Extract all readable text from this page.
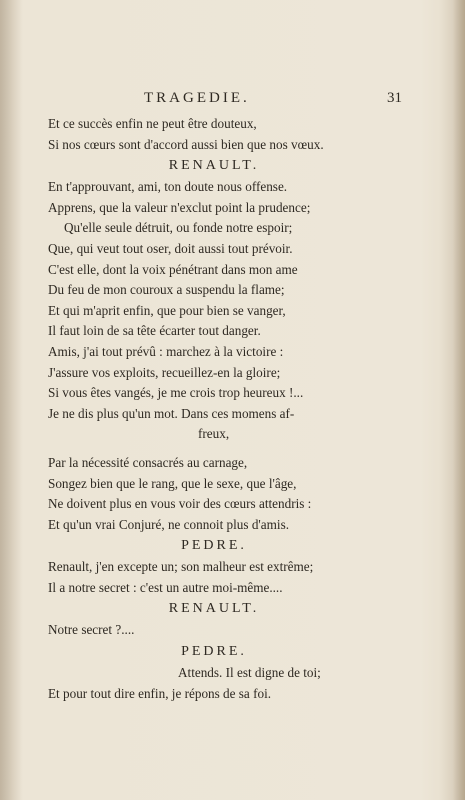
TRAGEDIE.	31
Et ce succès enfin ne peut être douteux,
Si nos cœurs sont d'accord aussi bien que nos vœux.
RENAULT.
En t'approuvant, ami, ton doute nous offense.
Apprens, que la valeur n'exclut point la prudence;
Qu'elle seule détruit, ou fonde notre espoir;
Que, qui veut tout oser, doit aussi tout prévoir.
C'est elle, dont la voix pénétrant dans mon ame
Du feu de mon couroux a suspendu la flame;
Et qui m'aprit enfin, que pour bien se vanger,
Il faut loin de sa tête écarter tout danger.
Amis, j'ai tout prévû : marchez à la victoire :
J'assure vos exploits, recueillez-en la gloire;
Si vous êtes vangés, je me crois trop heureux !...
Je ne dis plus qu'un mot. Dans ces momens af-
freux,
Par la nécessité consacrés au carnage,
Songez bien que le rang, que le sexe, que l'âge,
Ne doivent plus en vous voir des cœurs attendris :
Et qu'un vrai Conjuré, ne connoit plus d'amis.
PEDRE.
Renault, j'en excepte un; son malheur est extrême;
Il a notre secret : c'est un autre moi-même....
RENAULT.
Notre secret ?....
PEDRE.
Attends. Il est digne de toi;
Et pour tout dire enfin, je répons de sa foi.
